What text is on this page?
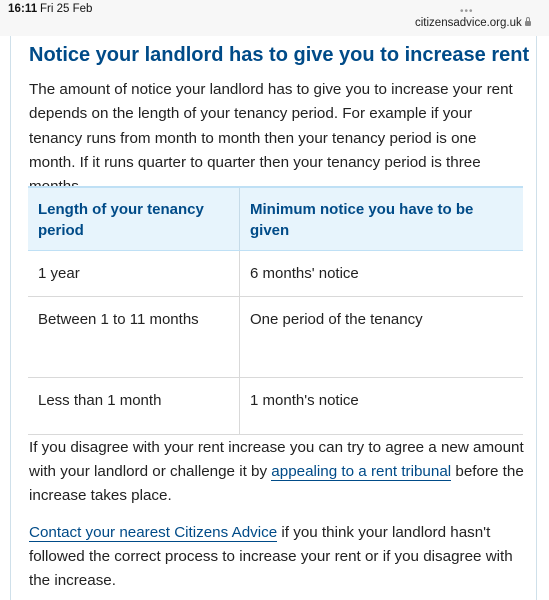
16:11 Fri 25 Feb	•••
citizensadvice.org.uk
Notice your landlord has to give you to increase rent

The amount of notice your landlord has to give you to increase your rent depends on the length of your tenancy period. For example if your tenancy runs from month to month then your tenancy period is one month. If it runs quarter to quarter then your tenancy period is three

Length of your tenancy period	Minimum notice you have to be given
1 year	6 months' notice
Between 1 to 11 months	One period of the tenancy
Less than 1 month	1 month's notice

If you disagree with your rent increase you can try to agree a new amount with your landlord or challenge it by appealing to a rent tribunal before the increase takes place.

Contact your nearest Citizens Advice if you think your landlord hasn't followed the correct process to increase your rent or if you disagree with the increase.
